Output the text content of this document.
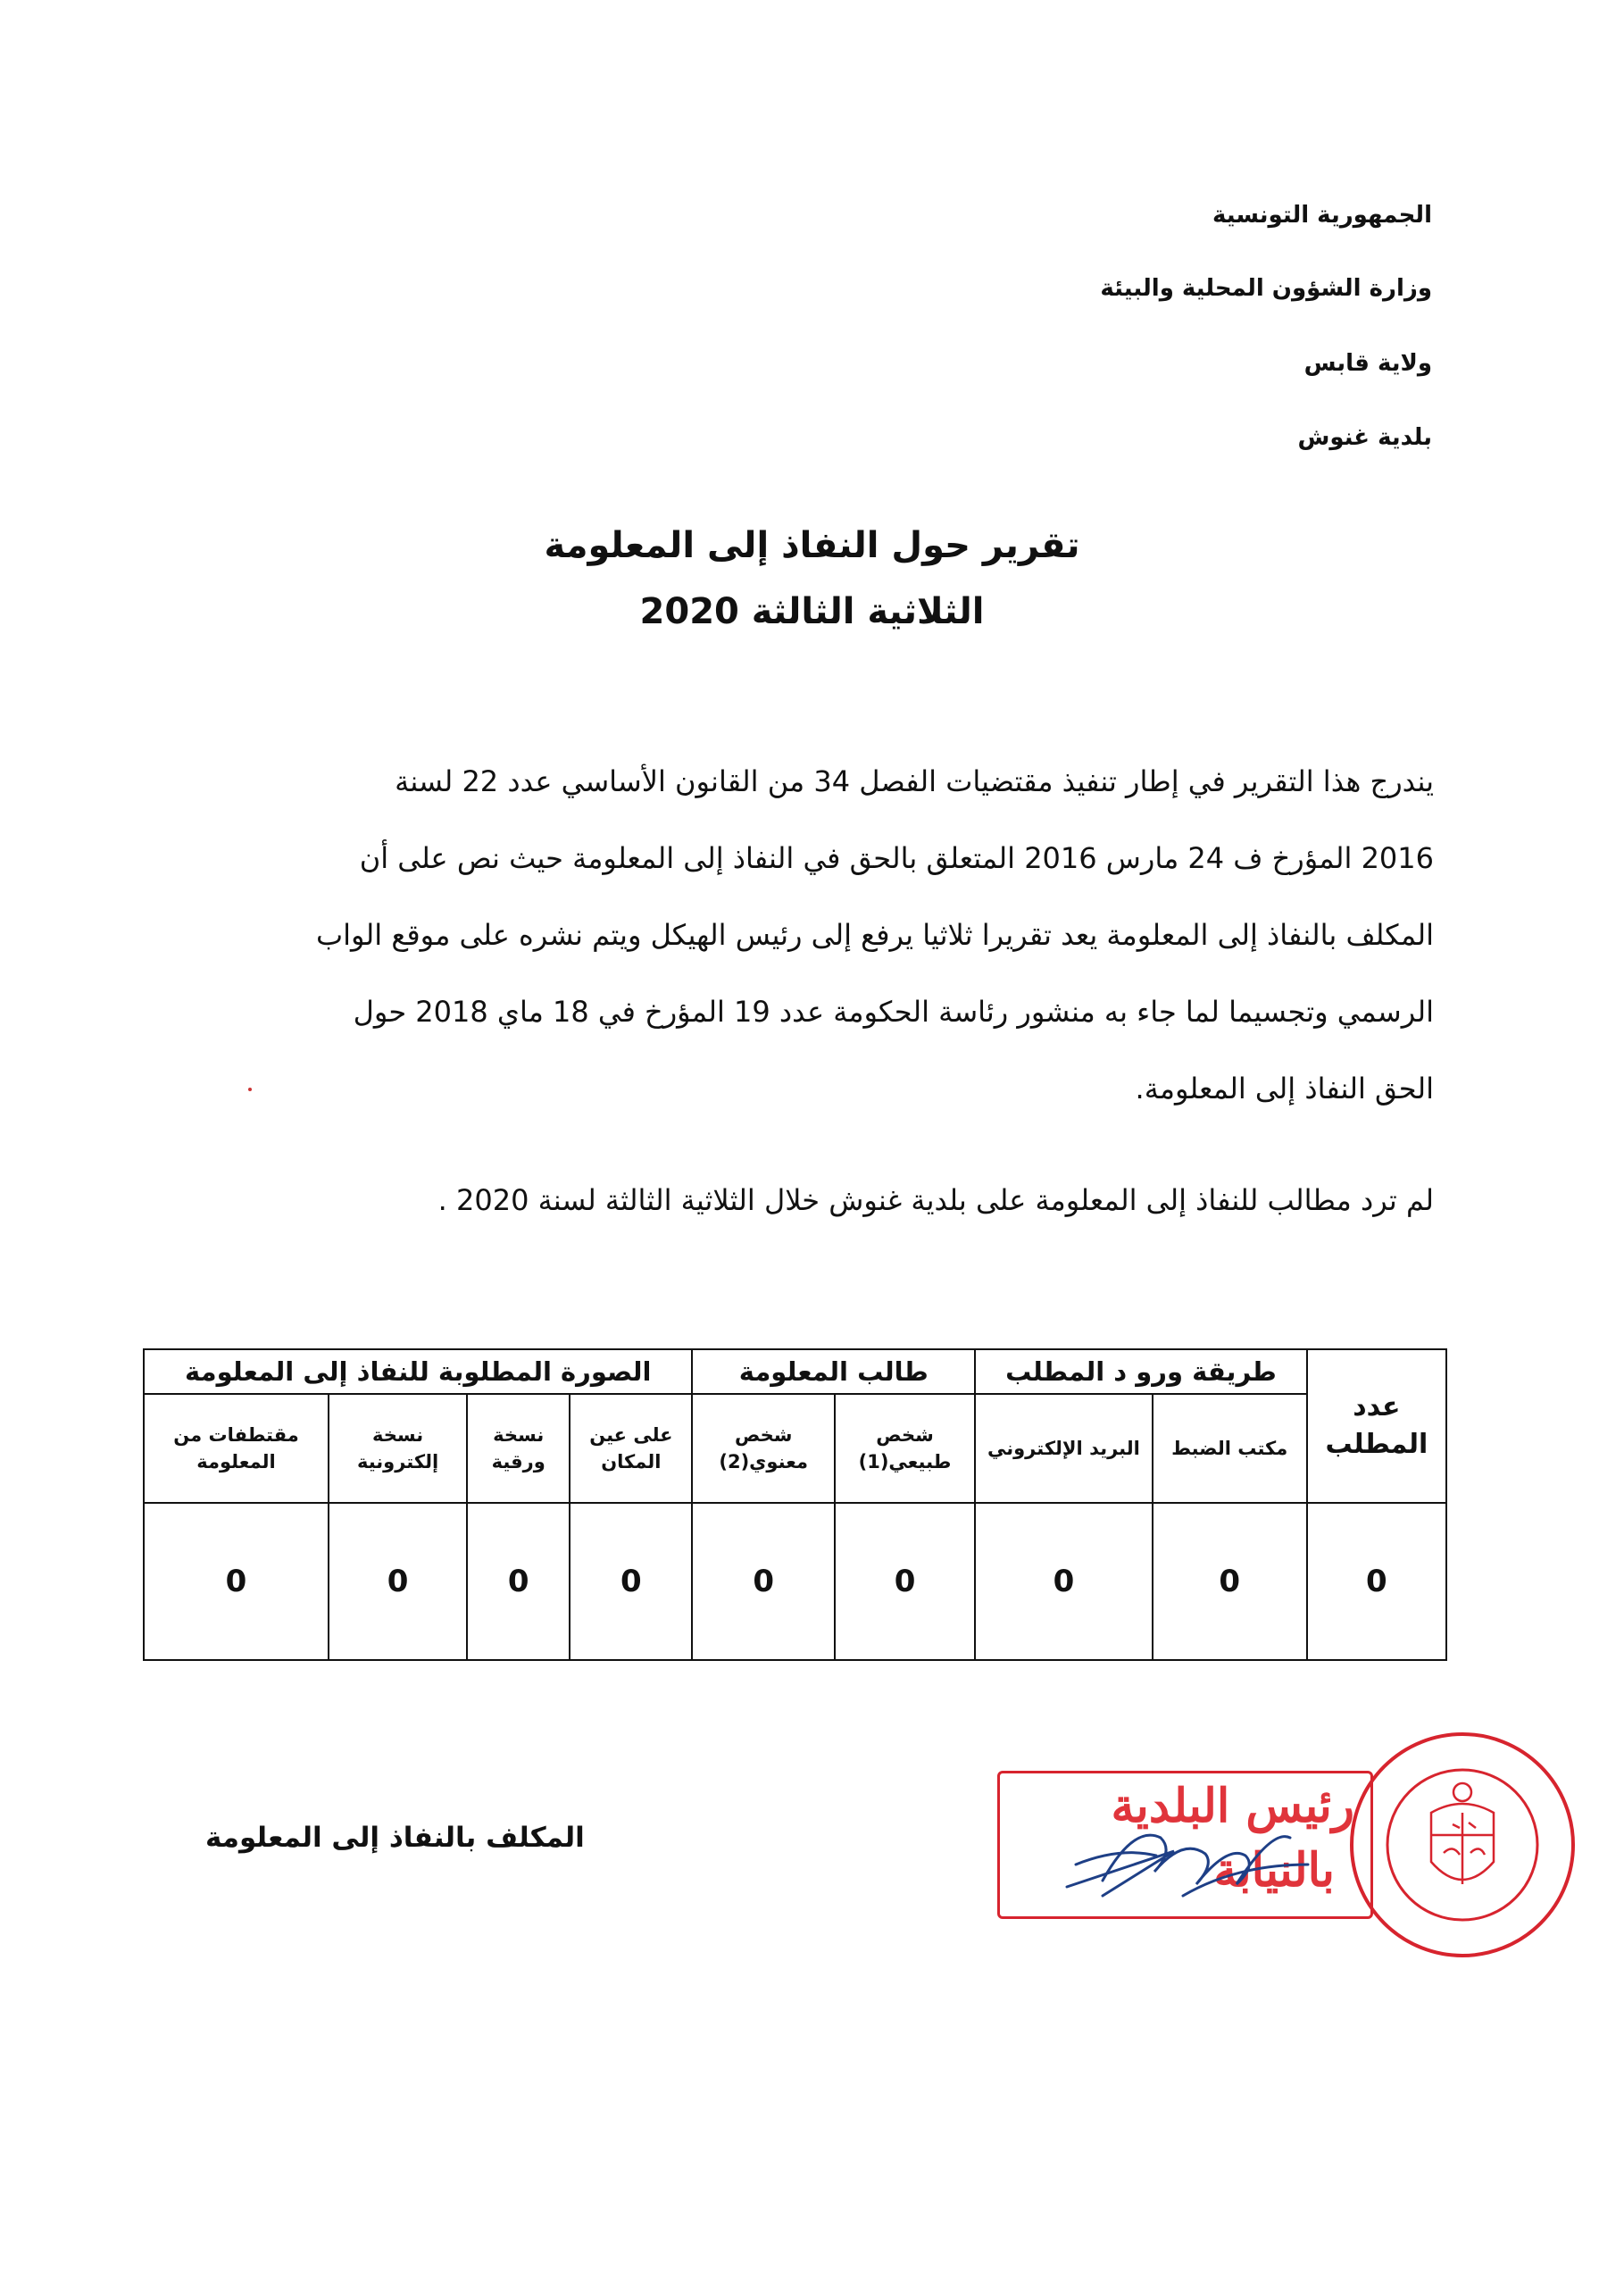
الجمهورية التونسية
وزارة الشؤون المحلية والبيئة
ولاية قابس
بلدية غنوش
تقرير حول النفاذ إلى المعلومة
الثلاثية الثالثة 2020

يندرج هذا التقرير في إطار تنفيذ مقتضيات الفصل 34 من القانون الأساسي عدد 22 لسنة

2016 المؤرخ ف 24 مارس 2016 المتعلق بالحق في النفاذ إلى المعلومة حيث نص على أن

المكلف بالنفاذ إلى المعلومة يعد تقريرا ثلاثيا يرفع إلى رئيس الهيكل ويتم نشره على موقع الواب

الرسمي وتجسيما لما جاء به منشور رئاسة الحكومة عدد 19 المؤرخ في 18 ماي 2018 حول

الحق النفاذ إلى المعلومة.

لم ترد مطالب للنفاذ إلى المعلومة على بلدية غنوش خلال الثلاثية الثالثة لسنة 2020 .
عدد المطلب	طريقة ورو د المطلب		طالب المعلومة		الصورة المطلوبة للنفاذ إلى المعلومة			
	مكتب الضبط	البريد الإلكتروني	شخص طبيعي(1)	شخص معنوي(2)	على عين المكان	نسخة ورقية	نسخة إلكترونية	مقتطفات من المعلومة
0	0	0	0	0	0	0	0	0
المكلف بالنفاذ إلى المعلومة
رئيس البلدية
بالنيابة
